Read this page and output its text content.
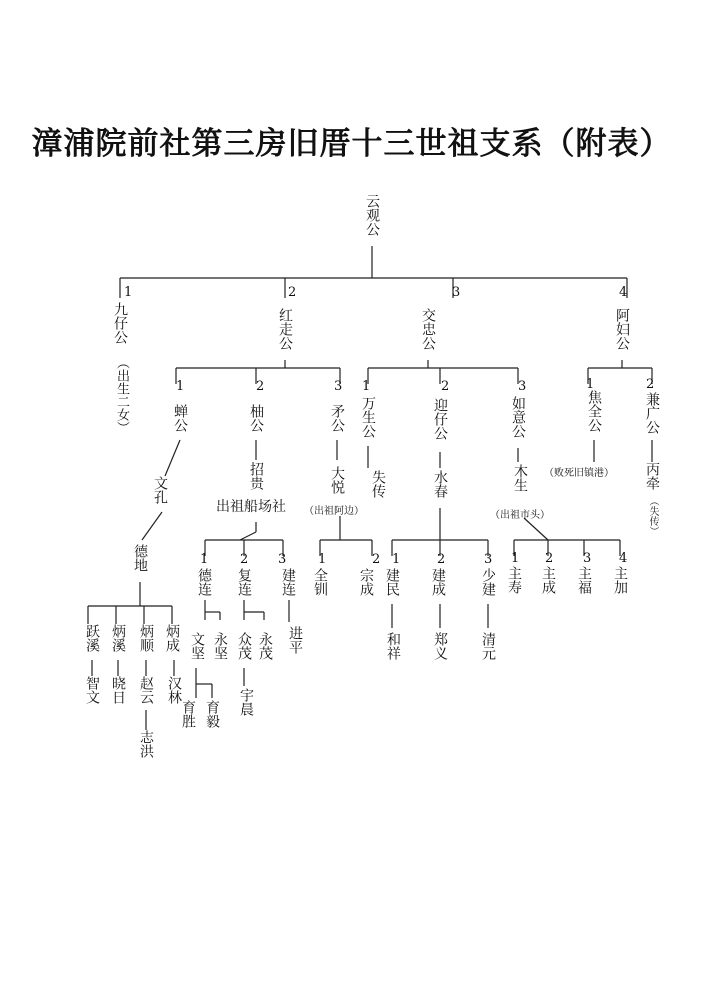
漳浦院前社第三房旧厝十三世祖支系（附表）
云观公
1	2	3	4
九仔公
（出生二女）
红走公	交忠公	阿妇公
1
蝉公
2
柚公
3
矛公
1
万生公
2
迎仔公
3
如意公
1
焦全公
2
兼广公
文孔
德地
跃溪 炳溪 炳顺 炳成
智文 晓日 赵云
志洪
汉林
招贵
出祖船场社
1
德连
2
复连
3
建连
文坚 永坚
育胜 育毅
众茂 永茂
宇晨
进平
大悦
（出祖阿边）
1
全钏
2
宗成
失传	水春
1
建民
2
建成
3
少建
和祥 郑义 清元
木生
（出祖市头）
1
主寿
2
主成
3
主福
4
主加
（败死旧镇港） 丙牵
（失传）
